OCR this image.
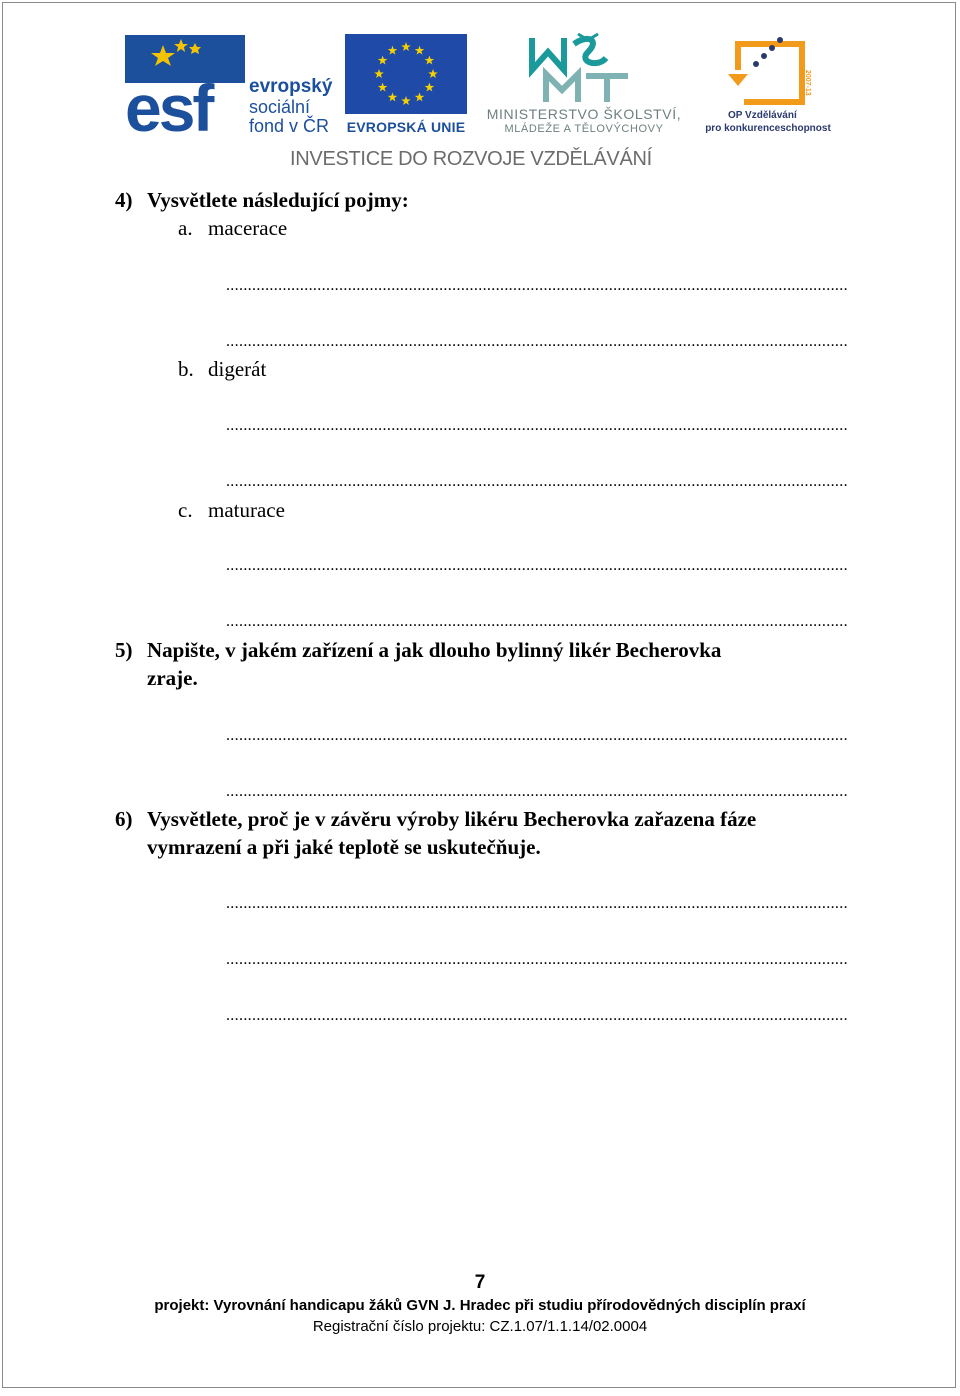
esf evropský
sociální
fond v ČR EVROPSKÁ UNIE
MINISTERSTVO ŠKOLSTVÍ,
MLÁDEŽE A TĚLOVÝCHOVY
2007-13
OP Vzdělávání
pro konkurenceschopnost
INVESTICE DO ROZVOJE VZDĚLÁVÁNÍ
4) Vysvětlete následující pojmy:
a. macerace
...............................................................................................................................................
...............................................................................................................................................
b. digerát
...............................................................................................................................................
...............................................................................................................................................
c. maturace
...............................................................................................................................................
...............................................................................................................................................
5) Napište, v jakém zařízení a jak dlouho bylinný likér Becherovka
zraje.
...............................................................................................................................................
...............................................................................................................................................
6) Vysvětlete, proč je v závěru výroby likéru Becherovka zařazena fáze
vymrazení a při jaké teplotě se uskutečňuje.
...............................................................................................................................................
...............................................................................................................................................
...............................................................................................................................................
7
projekt: Vyrovnání handicapu žáků GVN J. Hradec při studiu přírodovědných disciplín praxí
Registrační číslo projektu: CZ.1.07/1.1.14/02.0004
